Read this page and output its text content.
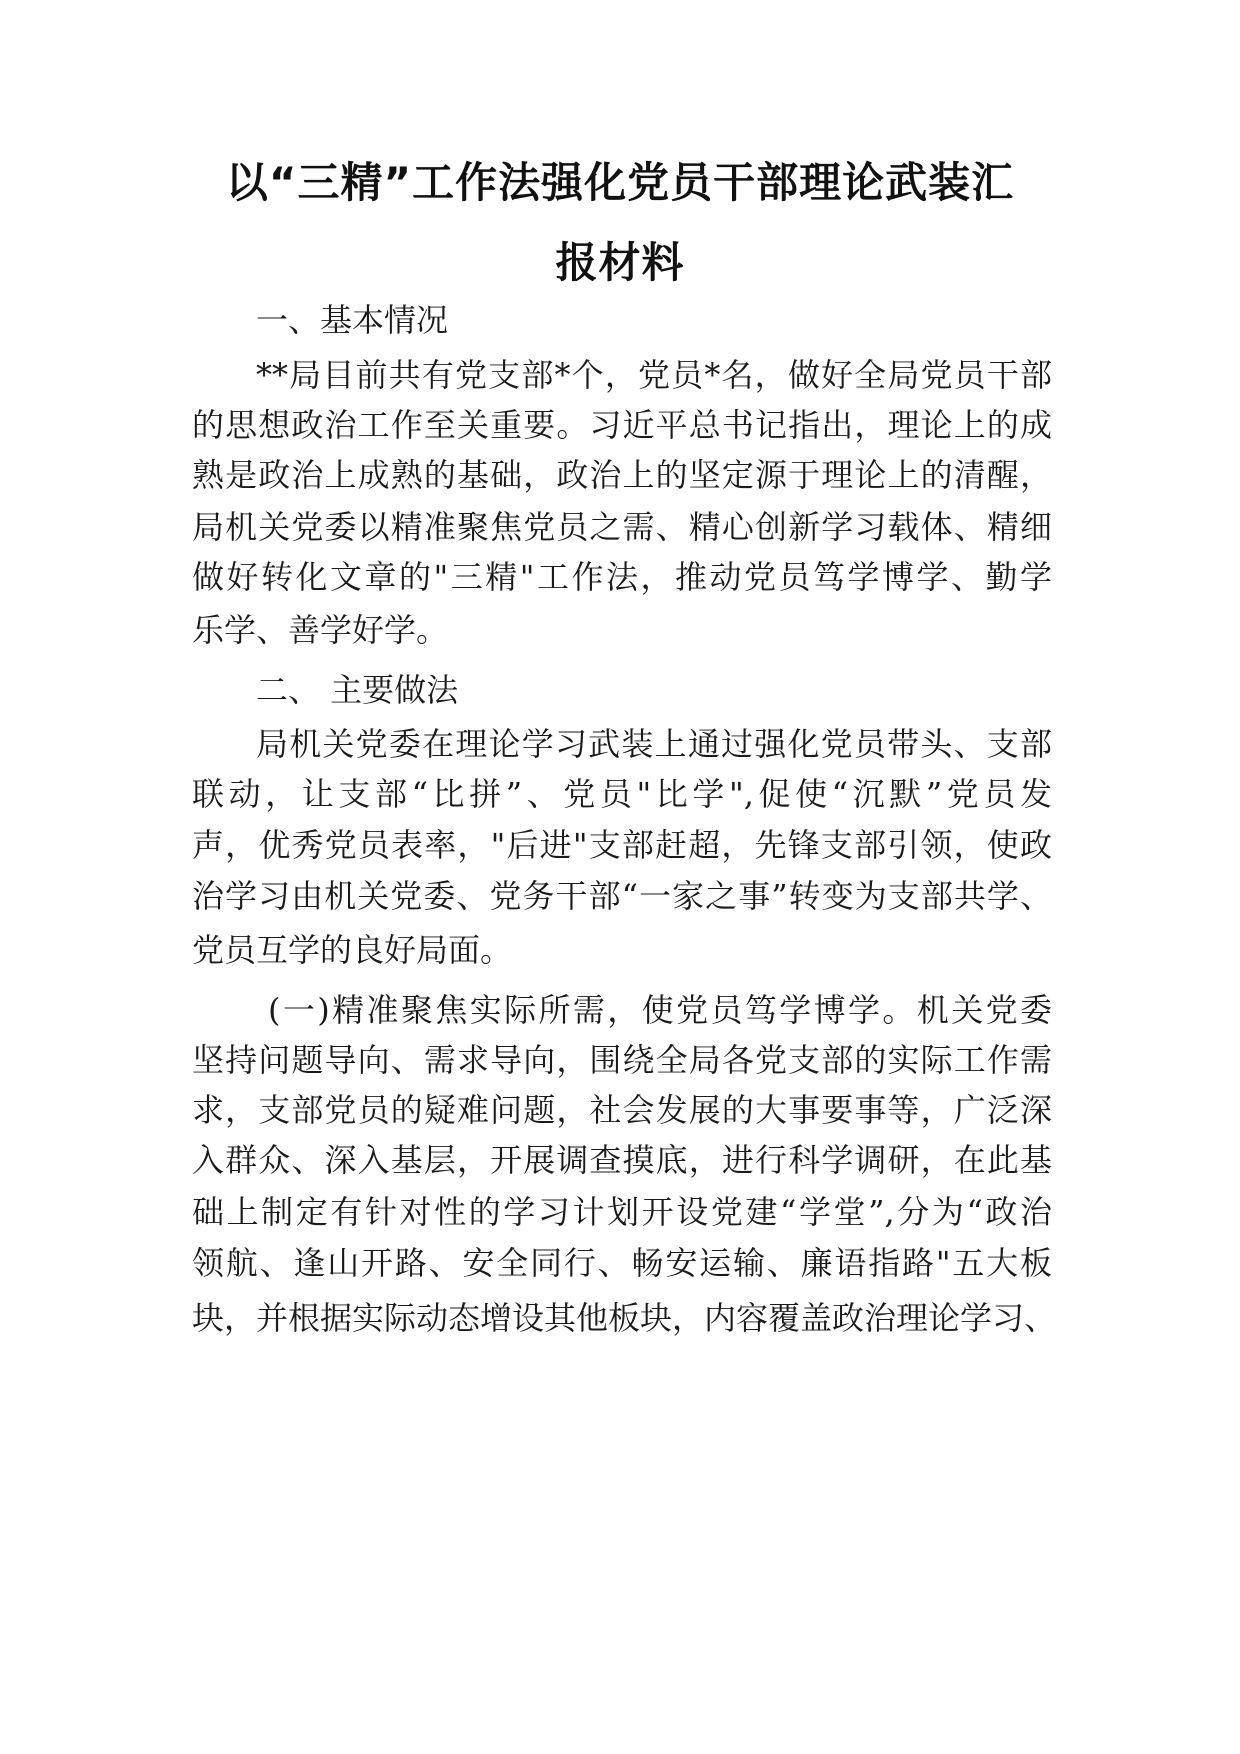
以“三精”工作法强化党员干部理论武装汇
报材料

一、基本情况

**局目前共有党支部*个，党员*名，做好全局党员干部

的思想政治工作至关重要。习近平总书记指出，理论上的成

熟是政治上成熟的基础，政治上的坚定源于理论上的清醒，

局机关党委以精准聚焦党员之需、精心创新学习载体、精细

做好转化文章的"三精"工作法，推动党员笃学博学、勤学

乐学、善学好学。

二、 主要做法

局机关党委在理论学习武装上通过强化党员带头、支部

联动，让支部“比拼”、党员"比学",促使“沉默”党员发

声，优秀党员表率，"后进"支部赶超，先锋支部引领，使政

治学习由机关党委、党务干部“一家之事”转变为支部共学、

党员互学的良好局面。

(一)精准聚焦实际所需，使党员笃学博学。机关党委

坚持问题导向、需求导向，围绕全局各党支部的实际工作需

求，支部党员的疑难问题，社会发展的大事要事等，广泛深

入群众、深入基层，开展调查摸底，进行科学调研，在此基

础上制定有针对性的学习计划开设党建“学堂”,分为“政治

领航、逢山开路、安全同行、畅安运输、廉语指路"五大板

块，并根据实际动态增设其他板块，内容覆盖政治理论学习、
